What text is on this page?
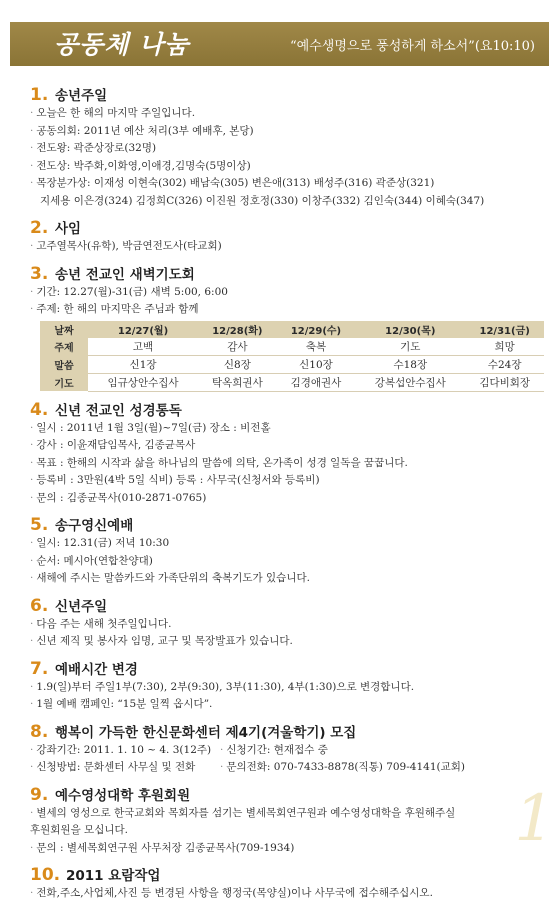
공동체 나눔	“예수생명으로 풍성하게 하소서”(요10:10)
1. 송년주일
· 오늘은 한 해의 마지막 주일입니다.
· 공동의회: 2011년 예산 처리(3부 예배후, 본당)
· 전도왕: 곽준상장로(32명)
· 전도상: 박주화,이화영,이애경,김명숙(5명이상)
· 목장분가상: 이재성 이현숙(302) 배남숙(305) 변은애(313) 배성주(316) 곽준상(321)
지세용 이은경(324) 김정희C(326) 이진원 정호정(330) 이창주(332) 김인숙(344) 이혜숙(347)
2. 사임
· 고주열목사(유학), 박금연전도사(타교회)
3. 송년 전교인 새벽기도회
· 기간: 12.27(월)-31(금) 새벽 5:00, 6:00
· 주제: 한 해의 마지막은 주님과 함께
날짜	12/27(월)	12/28(화)	12/29(수)	12/30(목)	12/31(금)
주제	고백	감사	축복	기도	희망
말씀	신1장	신8장	신10장	수18장	수24장
기도	임규상안수집사	탁옥희권사	김경애권사	강복섭안수집사	김다비회장
4. 신년 전교인 성경통독
· 일시 : 2011년 1월 3일(월)~7일(금) 장소 : 비전홀
· 강사 : 이윤재담임목사, 김종균목사
· 목표 : 한해의 시작과 삶을 하나님의 말씀에 의탁, 온가족이 성경 일독을 꿈꿉니다.
· 등록비 : 3만원(4박 5일 식비) 등록 : 사무국(신청서와 등록비)
· 문의 : 김종균목사(010-2871-0765)
5. 송구영신예배
· 일시: 12.31(금) 저녁 10:30
· 순서: 메시아(연합찬양대)
· 새해에 주시는 말씀카드와 가족단위의 축복기도가 있습니다.
6. 신년주일
· 다음 주는 새해 첫주일입니다.
· 신년 제직 및 봉사자 임명, 교구 및 목장발표가 있습니다.
7. 예배시간 변경
· 1.9(일)부터 주일1부(7:30), 2부(9:30), 3부(11:30), 4부(1:30)으로 변경합니다.
· 1월 예배 캠페인: “15분 일찍 옵시다”.
8. 행복이 가득한 한신문화센터 제4기(겨울학기) 모집
· 강좌기간: 2011. 1. 10 ~ 4. 3(12주) · 신청기간: 현재접수 중
· 신청방법: 문화센터 사무실 및 전화	· 문의전화: 070-7433-8878(직통) 709-4141(교회)
9. 예수영성대학 후원회원
· 별세의 영성으로 한국교회와 목회자를 섬기는 별세목회연구원과 예수영성대학을 후원해주실
후원회원을 모십니다.
· 문의 : 별세목회연구원 사무처장 김종균목사(709-1934)
10. 2011 요람작업
· 전화,주소,사업체,사진 등 변경된 사항을 행정국(목양실)이나 사무국에 접수해주십시오.
1
